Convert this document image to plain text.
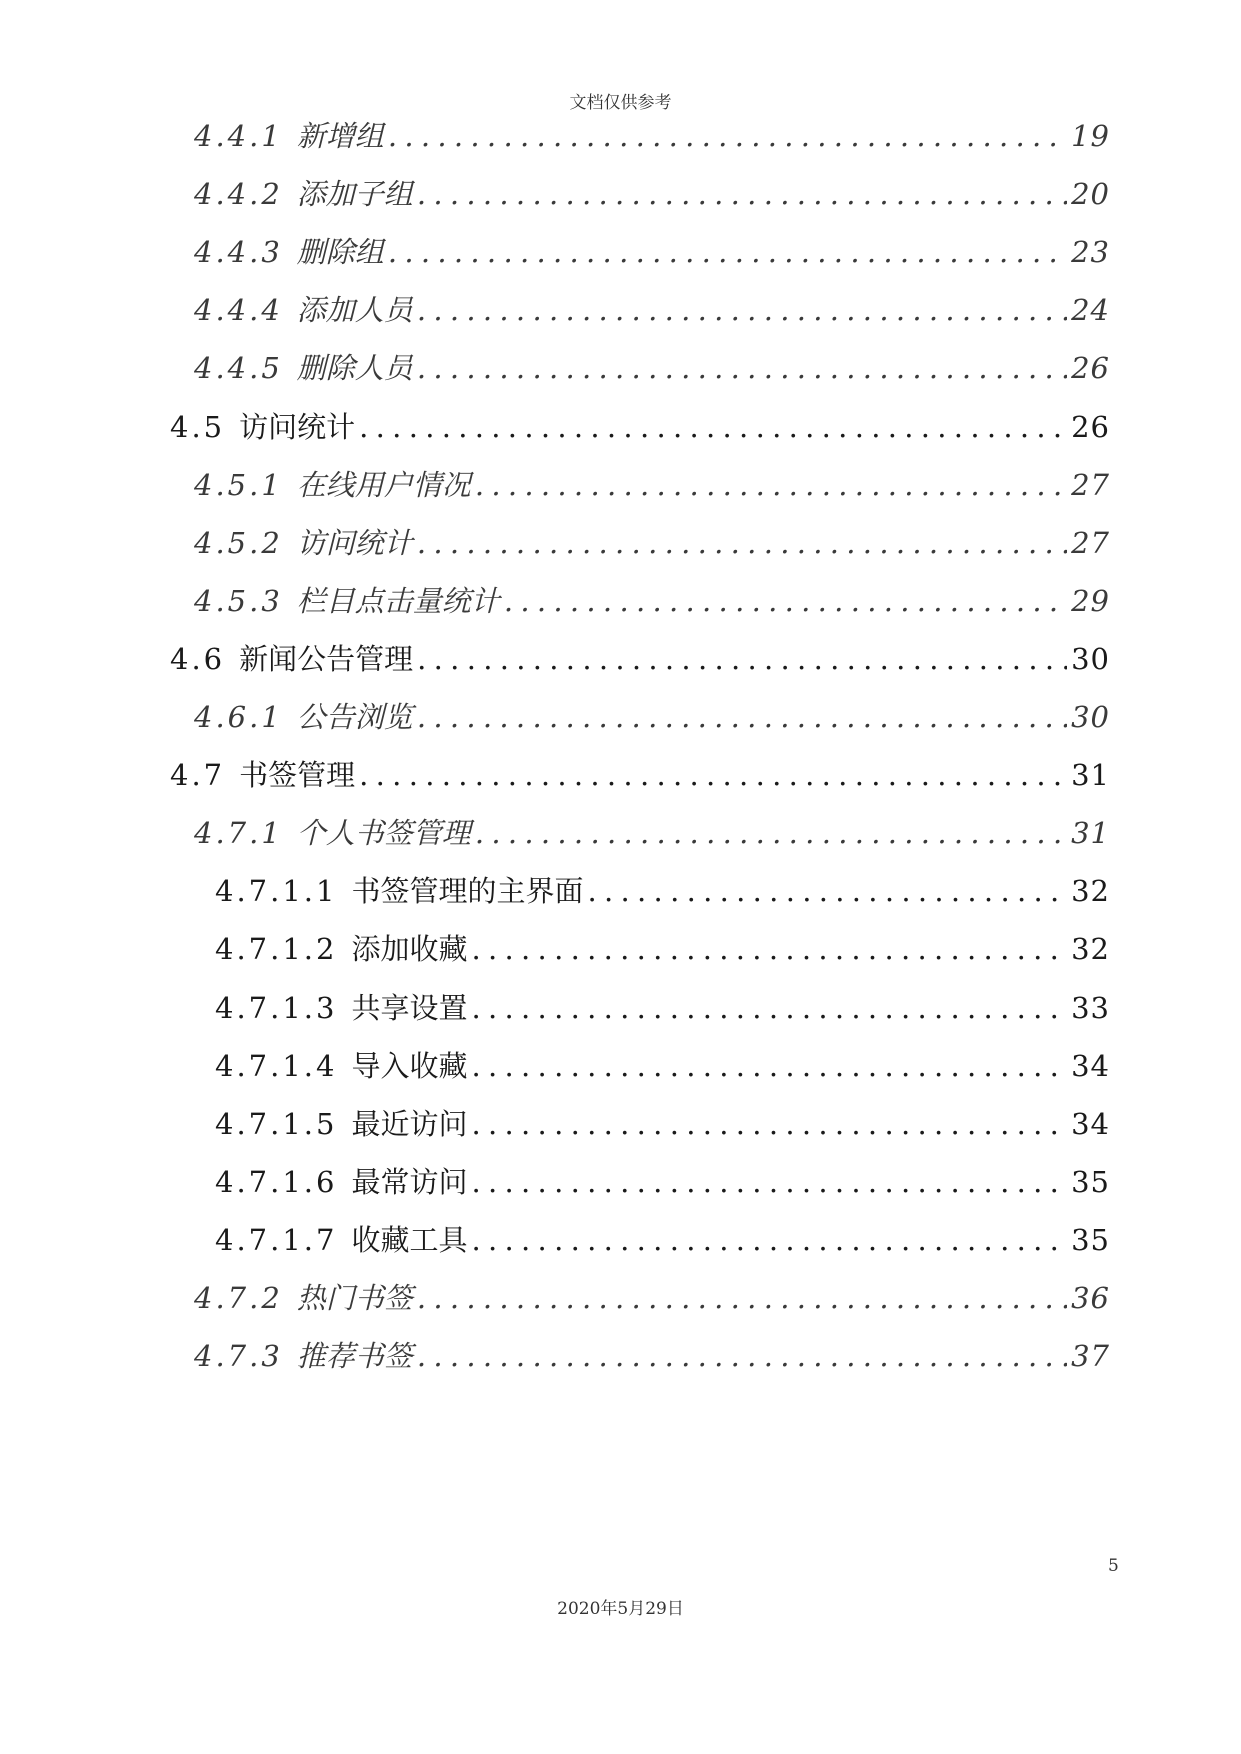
文档仅供参考
4.4.1 新增组 .....	19
4.4.2 添加子组 .....	20
4.4.3 删除组 .....	23
4.4.4 添加人员 .....	24
4.4.5 删除人员 .....	26
4.5 访问统计 .....	26
4.5.1 在线用户情况 .....	27
4.5.2 访问统计 .....	27
4.5.3 栏目点击量统计 .....	29
4.6 新闻公告管理 .....	30
4.6.1 公告浏览 .....	30
4.7 书签管理 .....	31
4.7.1 个人书签管理 .....	31
4.7.1.1 书签管理的主界面 .....	32
4.7.1.2 添加收藏 .....	32
4.7.1.3 共享设置 .....	33
4.7.1.4 导入收藏 .....	34
4.7.1.5 最近访问 .....	34
4.7.1.6 最常访问 .....	35
4.7.1.7 收藏工具 .....	35
4.7.2 热门书签 .....	36
4.7.3 推荐书签 .....	37
5
2020年5月29日
